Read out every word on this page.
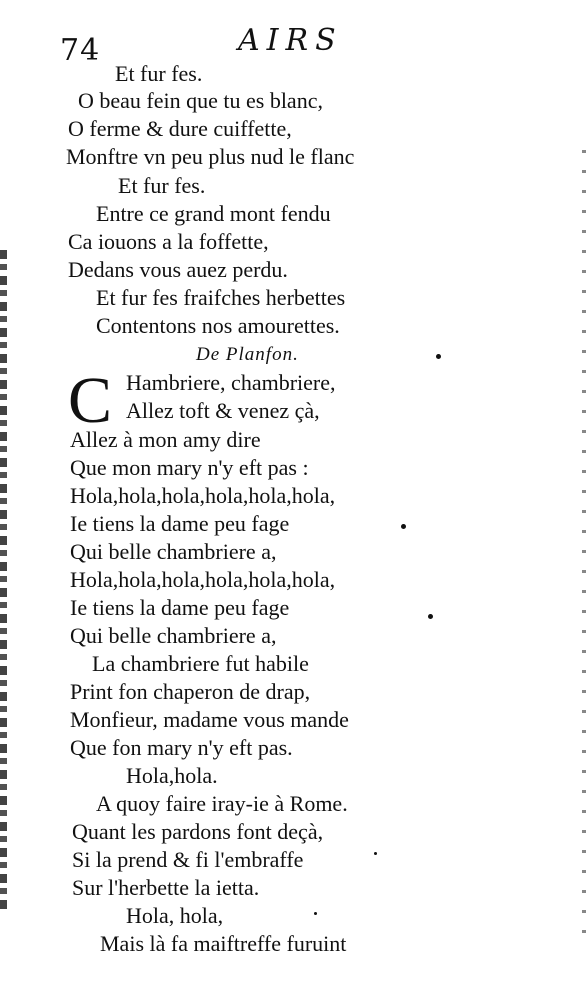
74	AIRS
Et fur fes.
O beau fein que tu es blanc,
O ferme & dure cuiffette,
Monftre vn peu plus nud le flanc
Et fur fes.
Entre ce grand mont fendu
Ca iouons a la foffette,
Dedans vous auez perdu.
Et fur fes fraifches herbettes
Contentons nos amourettes.
De Planfon.
C Hambriere, chambriere,
Allez toft & venez çà,
Allez à mon amy dire
Que mon mary n'y eft pas :
Hola,hola,hola,hola,hola,hola,
Ie tiens la dame peu fage
Qui belle chambriere a,
Hola,hola,hola,hola,hola,hola,
Ie tiens la dame peu fage
Qui belle chambriere a,
La chambriere fut habile
Print fon chaperon de drap,
Monfieur, madame vous mande
Que fon mary n'y eft pas.
Hola,hola.
A quoy faire iray-ie à Rome.
Quant les pardons font deçà,
Si la prend & fi l'embraffe
Sur l'herbette la ietta.
Hola, hola,
Mais là fa maiftreffe furuint
